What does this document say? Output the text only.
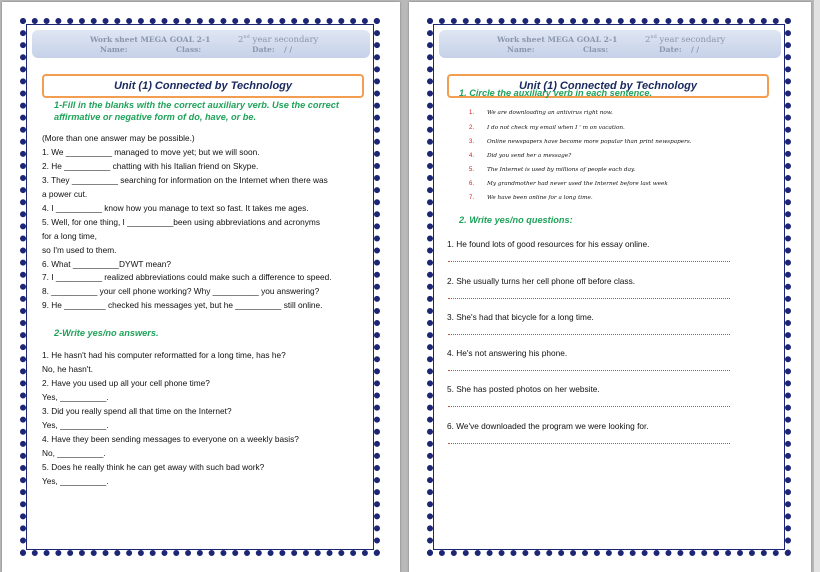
Work sheet MEGA GOAL 2-1	2nd year secondary
Name:	Class:	Date: / /
Unit (1) Connected by Technology
1-Fill in the blanks with the correct auxiliary verb. Use the correct
affirmative or negative form of do, have, or be.
(More than one answer may be possible.)
1. We __________ managed to move yet; but we will soon.
2. He __________ chatting with his Italian friend on Skype.
3. They __________ searching for information on the Internet when there was
a power cut.
4. I __________ know how you manage to text so fast. It takes me ages.
5. Well, for one thing, I __________been using abbreviations and acronyms
for a long time,
so I'm used to them.
6. What __________DYWT mean?
7. I __________ realized abbreviations could make such a difference to speed.
8. __________ your cell phone working? Why __________ you answering?
9. He _________ checked his messages yet, but he __________ still online.
2-Write yes/no answers.
1. He hasn't had his computer reformatted for a long time, has he?
No, he hasn't.
2. Have you used up all your cell phone time?
Yes, __________.
3. Did you really spend all that time on the Internet?
Yes, __________.
4. Have they been sending messages to everyone on a weekly basis?
No, __________.
5. Does he really think he can get away with such bad work?
Yes, __________.
Work sheet MEGA GOAL 2-1	2nd year secondary
Name:	Class:	Date: / /
Unit (1) Connected by Technology
1. Circle the auxiliary verb in each sentence.
1. We are downloading an antivirus right now.
2. I do not check my email when I ' m on vacation.
3. Online newspapers have become more popular than print newspapers.
4. Did you send her a message?
5. The Internet is used by millions of people each day.
6. My grandmother had never used the Internet before last week
7. We have been online for a long time.
2. Write yes/no questions:
1. He found lots of good resources for his essay online.
2. She usually turns her cell phone off before class.
3. She's had that bicycle for a long time.
4. He's not answering his phone.
5. She has posted photos on her website.
6. We've downloaded the program we were looking for.
